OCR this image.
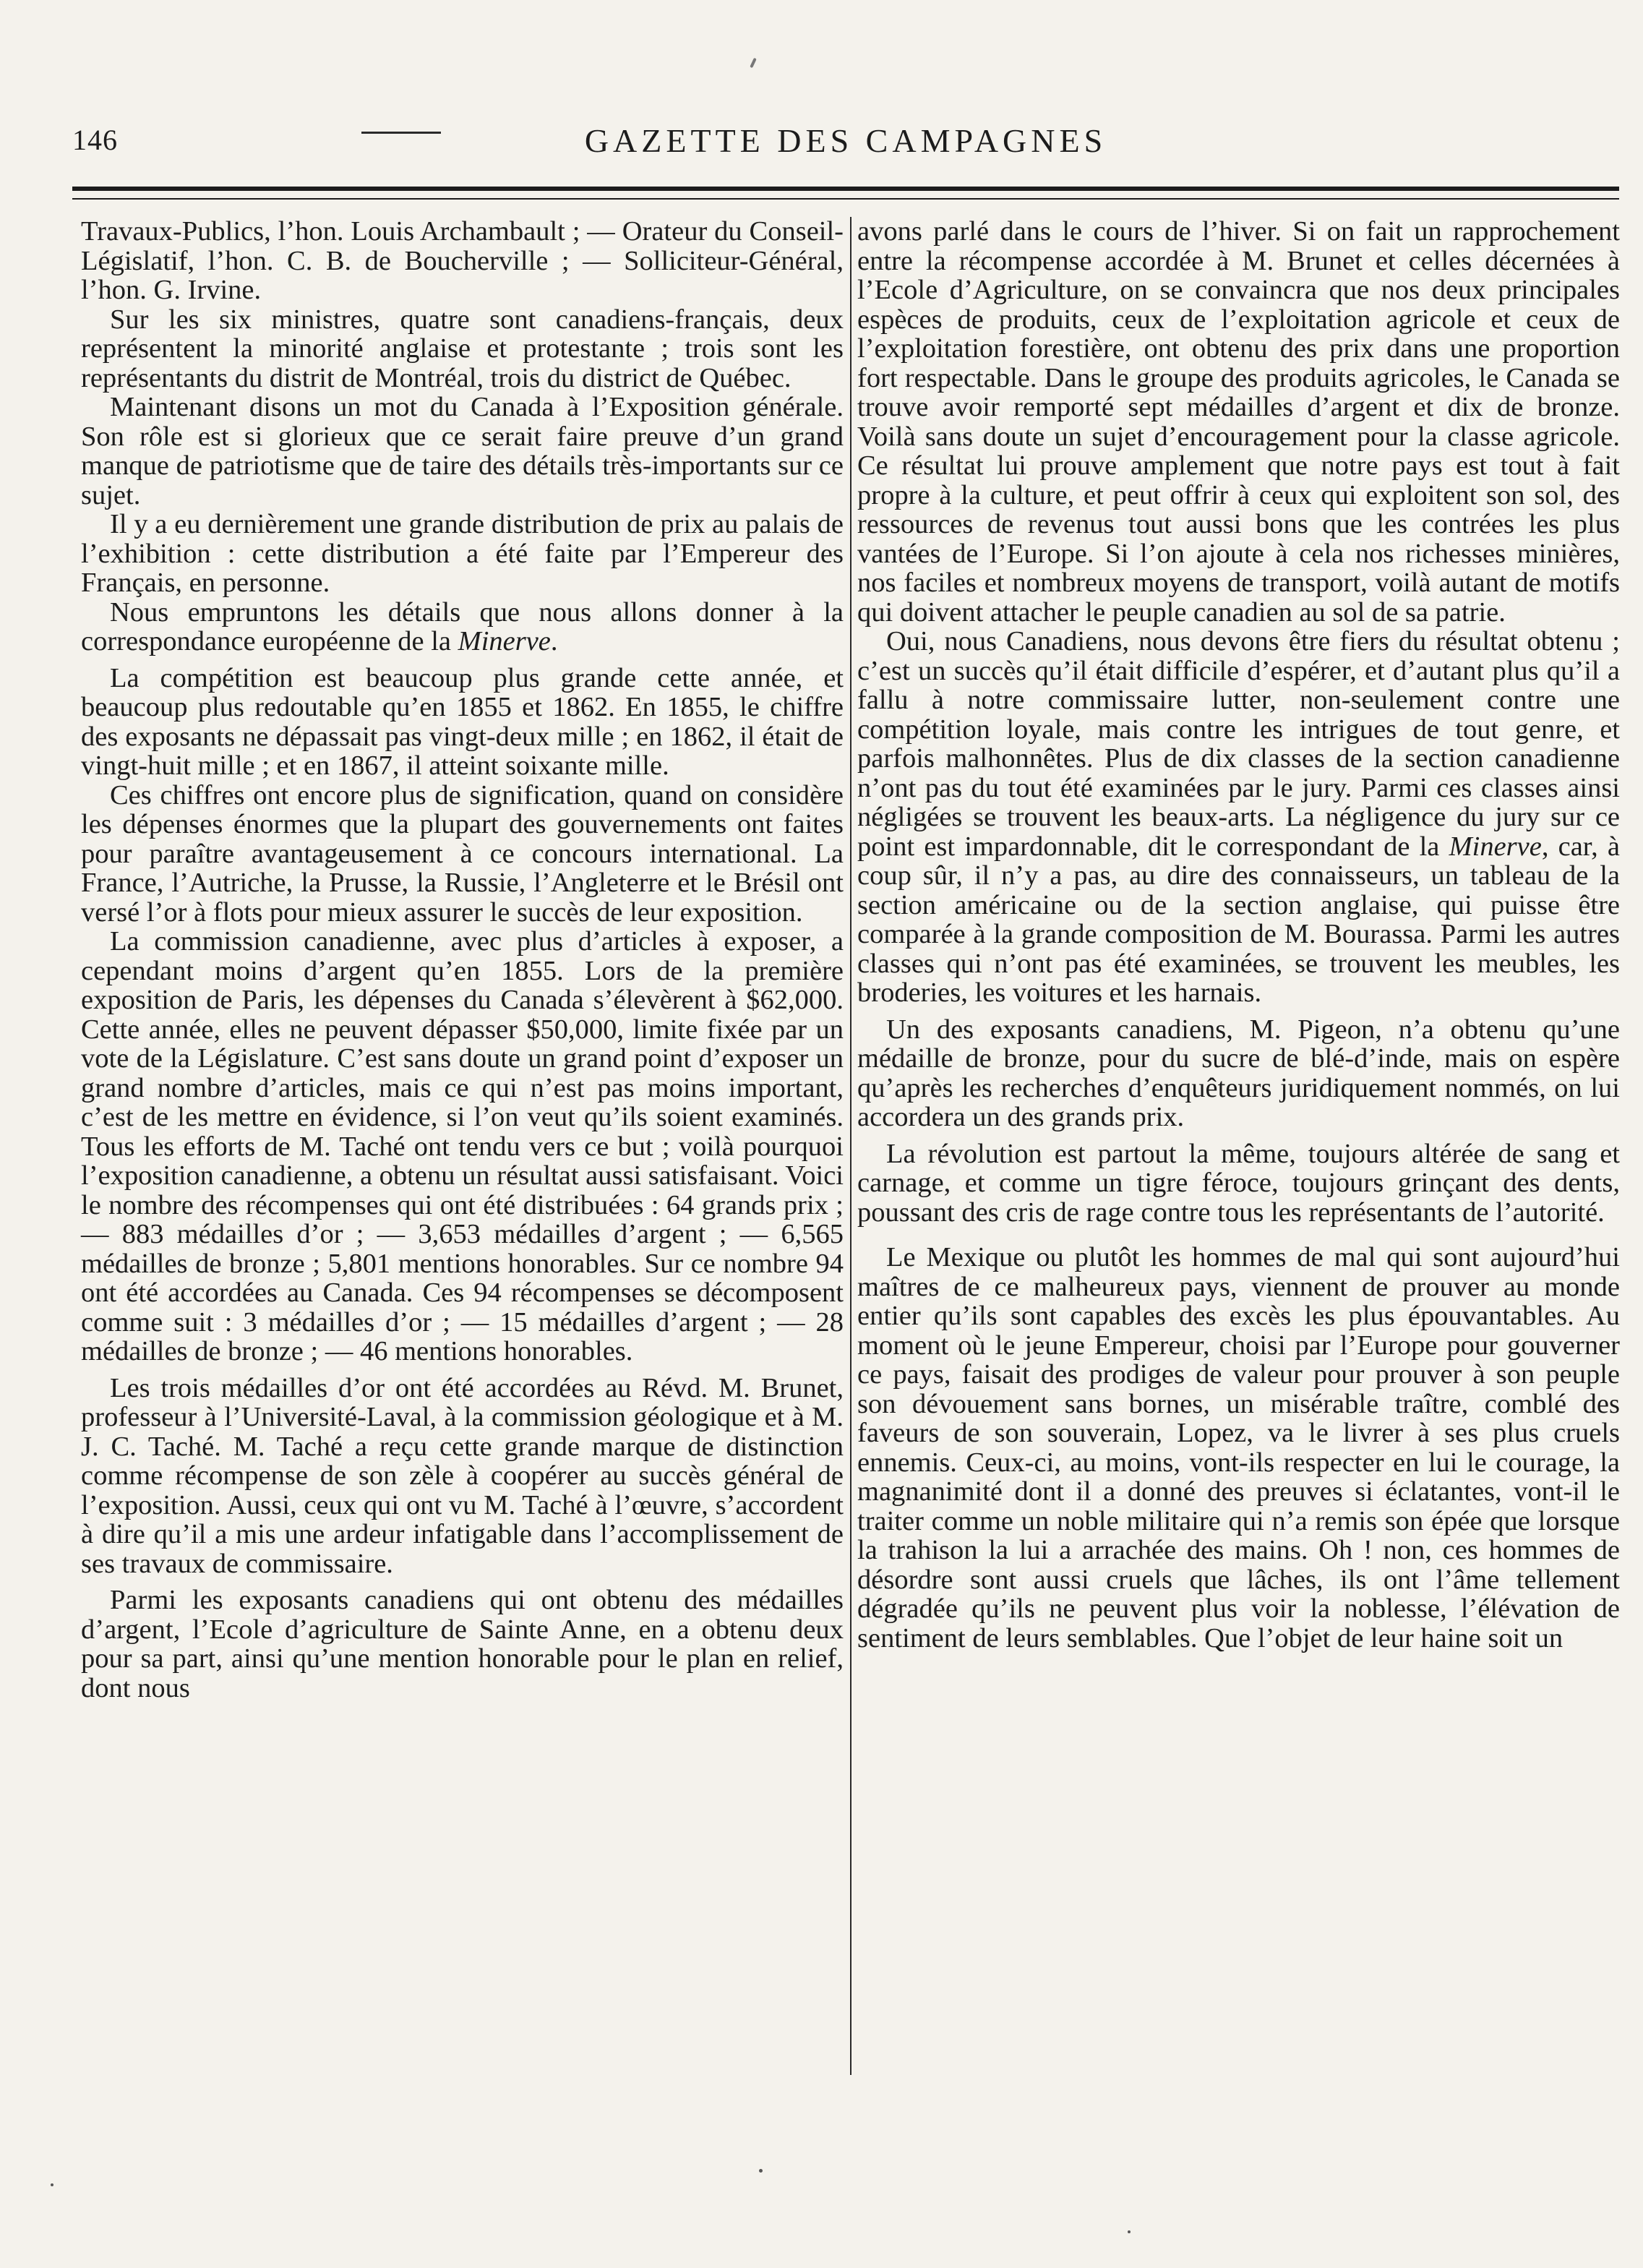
146	GAZETTE DES CAMPAGNES

Travaux-Publics, l’hon. Louis Archambault ; — Orateur du Conseil-Législatif, l’hon. C. B. de Boucherville ; — Solliciteur-Général, l’hon. G. Irvine.

Sur les six ministres, quatre sont canadiens-français, deux représentent la minorité anglaise et protestante ; trois sont les représentants du distrit de Montréal, trois du district de Québec.

Maintenant disons un mot du Canada à l’Exposition générale. Son rôle est si glorieux que ce serait faire preuve d’un grand manque de patriotisme que de taire des détails très-importants sur ce sujet.

Il y a eu dernièrement une grande distribution de prix au palais de l’exhibition : cette distribution a été faite par l’Empereur des Français, en personne.

Nous empruntons les détails que nous allons donner à la correspondance européenne de la Minerve.

La compétition est beaucoup plus grande cette année, et beaucoup plus redoutable qu’en 1855 et 1862. En 1855, le chiffre des exposants ne dépassait pas vingt-deux mille ; en 1862, il était de vingt-huit mille ; et en 1867, il atteint soixante mille.

Ces chiffres ont encore plus de signification, quand on considère les dépenses énormes que la plupart des gouvernements ont faites pour paraître avantageusement à ce concours international. La France, l’Autriche, la Prusse, la Russie, l’Angleterre et le Brésil ont versé l’or à flots pour mieux assurer le succès de leur exposition.

La commission canadienne, avec plus d’articles à exposer, a cependant moins d’argent qu’en 1855. Lors de la première exposition de Paris, les dépenses du Canada s’élevèrent à $62,000. Cette année, elles ne peuvent dépasser $50,000, limite fixée par un vote de la Législature. C’est sans doute un grand point d’exposer un grand nombre d’articles, mais ce qui n’est pas moins important, c’est de les mettre en évidence, si l’on veut qu’ils soient examinés. Tous les efforts de M. Taché ont tendu vers ce but ; voilà pourquoi l’exposition canadienne, a obtenu un résultat aussi satisfaisant. Voici le nombre des récompenses qui ont été distribuées : 64 grands prix ; — 883 médailles d’or ; — 3,653 médailles d’argent ; — 6,565 médailles de bronze ; 5,801 mentions honorables. Sur ce nombre 94 ont été accordées au Canada. Ces 94 récompenses se décomposent comme suit : 3 médailles d’or ; — 15 médailles d’argent ; — 28 médailles de bronze ; — 46 mentions honorables.

Les trois médailles d’or ont été accordées au Révd. M. Brunet, professeur à l’Université-Laval, à la commission géologique et à M. J. C. Taché. M. Taché a reçu cette grande marque de distinction comme récompense de son zèle à coopérer au succès général de l’exposition. Aussi, ceux qui ont vu M. Taché à l’œuvre, s’accordent à dire qu’il a mis une ardeur infatigable dans l’accomplissement de ses travaux de commissaire.

Parmi les exposants canadiens qui ont obtenu des médailles d’argent, l’Ecole d’agriculture de Sainte Anne, en a obtenu deux pour sa part, ainsi qu’une mention honorable pour le plan en relief, dont nous

avons parlé dans le cours de l’hiver. Si on fait un rapprochement entre la récompense accordée à M. Brunet et celles décernées à l’Ecole d’Agriculture, on se convaincra que nos deux principales espèces de produits, ceux de l’exploitation agricole et ceux de l’exploitation forestière, ont obtenu des prix dans une proportion fort respectable. Dans le groupe des produits agricoles, le Canada se trouve avoir remporté sept médailles d’argent et dix de bronze. Voilà sans doute un sujet d’encouragement pour la classe agricole. Ce résultat lui prouve amplement que notre pays est tout à fait propre à la culture, et peut offrir à ceux qui exploitent son sol, des ressources de revenus tout aussi bons que les contrées les plus vantées de l’Europe. Si l’on ajoute à cela nos richesses minières, nos faciles et nombreux moyens de transport, voilà autant de motifs qui doivent attacher le peuple canadien au sol de sa patrie.

Oui, nous Canadiens, nous devons être fiers du résultat obtenu ; c’est un succès qu’il était difficile d’espérer, et d’autant plus qu’il a fallu à notre commissaire lutter, non-seulement contre une compétition loyale, mais contre les intrigues de tout genre, et parfois malhonnêtes. Plus de dix classes de la section canadienne n’ont pas du tout été examinées par le jury. Parmi ces classes ainsi négligées se trouvent les beaux-arts. La négligence du jury sur ce point est impardonnable, dit le correspondant de la Minerve, car, à coup sûr, il n’y a pas, au dire des connaisseurs, un tableau de la section américaine ou de la section anglaise, qui puisse être comparée à la grande composition de M. Bourassa. Parmi les autres classes qui n’ont pas été examinées, se trouvent les meubles, les broderies, les voitures et les harnais.

Un des exposants canadiens, M. Pigeon, n’a obtenu qu’une médaille de bronze, pour du sucre de blé-d’inde, mais on espère qu’après les recherches d’enquêteurs juridiquement nommés, on lui accordera un des grands prix.

La révolution est partout la même, toujours altérée de sang et carnage, et comme un tigre féroce, toujours grinçant des dents, poussant des cris de rage contre tous les représentants de l’autorité.

Le Mexique ou plutôt les hommes de mal qui sont aujourd’hui maîtres de ce malheureux pays, viennent de prouver au monde entier qu’ils sont capables des excès les plus épouvantables. Au moment où le jeune Empereur, choisi par l’Europe pour gouverner ce pays, faisait des prodiges de valeur pour prouver à son peuple son dévouement sans bornes, un misérable traître, comblé des faveurs de son souverain, Lopez, va le livrer à ses plus cruels ennemis. Ceux-ci, au moins, vont-ils respecter en lui le courage, la magnanimité dont il a donné des preuves si éclatantes, vont-il le traiter comme un noble militaire qui n’a remis son épée que lorsque la trahison la lui a arrachée des mains. Oh ! non, ces hommes de désordre sont aussi cruels que lâches, ils ont l’âme tellement dégradée qu’ils ne peuvent plus voir la noblesse, l’élévation de sentiment de leurs semblables. Que l’objet de leur haine soit un
